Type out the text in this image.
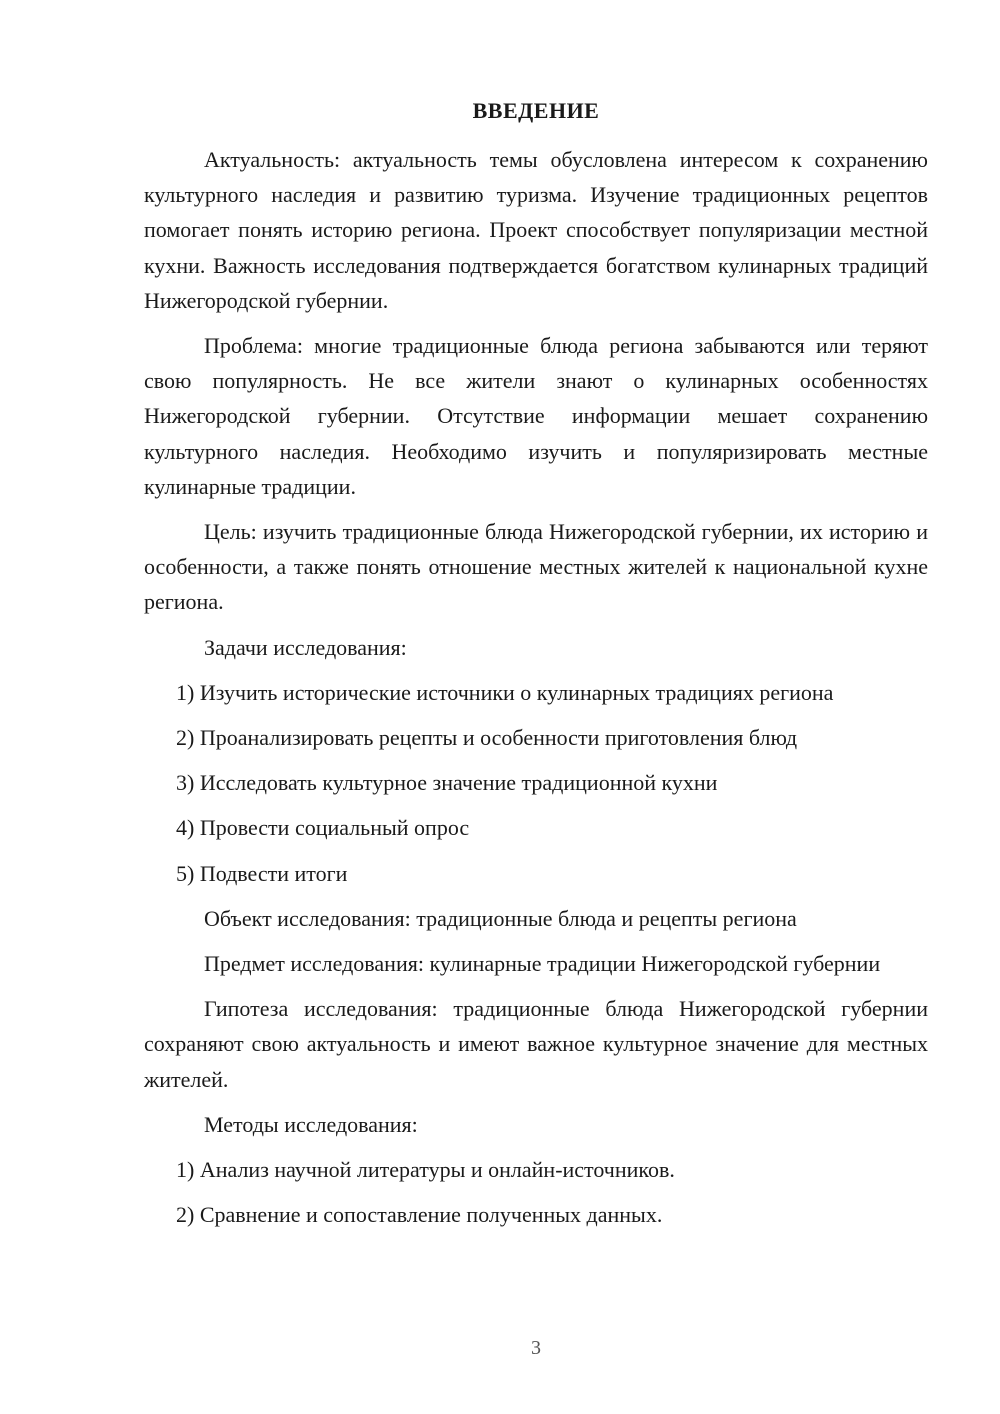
ВВЕДЕНИЕ

Актуальность: актуальность темы обусловлена интересом к сохранению культурного наследия и развитию туризма. Изучение традиционных рецептов помогает понять историю региона. Проект способствует популяризации местной кухни. Важность исследования подтверждается богатством кулинарных традиций Нижегородской губернии.

Проблема: многие традиционные блюда региона забываются или теряют свою популярность. Не все жители знают о кулинарных особенностях Нижегородской губернии. Отсутствие информации мешает сохранению культурного наследия. Необходимо изучить и популяризировать местные кулинарные традиции.

Цель: изучить традиционные блюда Нижегородской губернии, их историю и особенности, а также понять отношение местных жителей к национальной кухне региона.

Задачи исследования:

1) Изучить исторические источники о кулинарных традициях региона
2) Проанализировать рецепты и особенности приготовления блюд
3) Исследовать культурное значение традиционной кухни
4) Провести социальный опрос
5) Подвести итоги

Объект исследования: традиционные блюда и рецепты региона

Предмет исследования: кулинарные традиции Нижегородской губернии

Гипотеза исследования: традиционные блюда Нижегородской губернии сохраняют свою актуальность и имеют важное культурное значение для местных жителей.

Методы исследования:

1) Анализ научной литературы и онлайн-источников.
2) Сравнение и сопоставление полученных данных.
3
